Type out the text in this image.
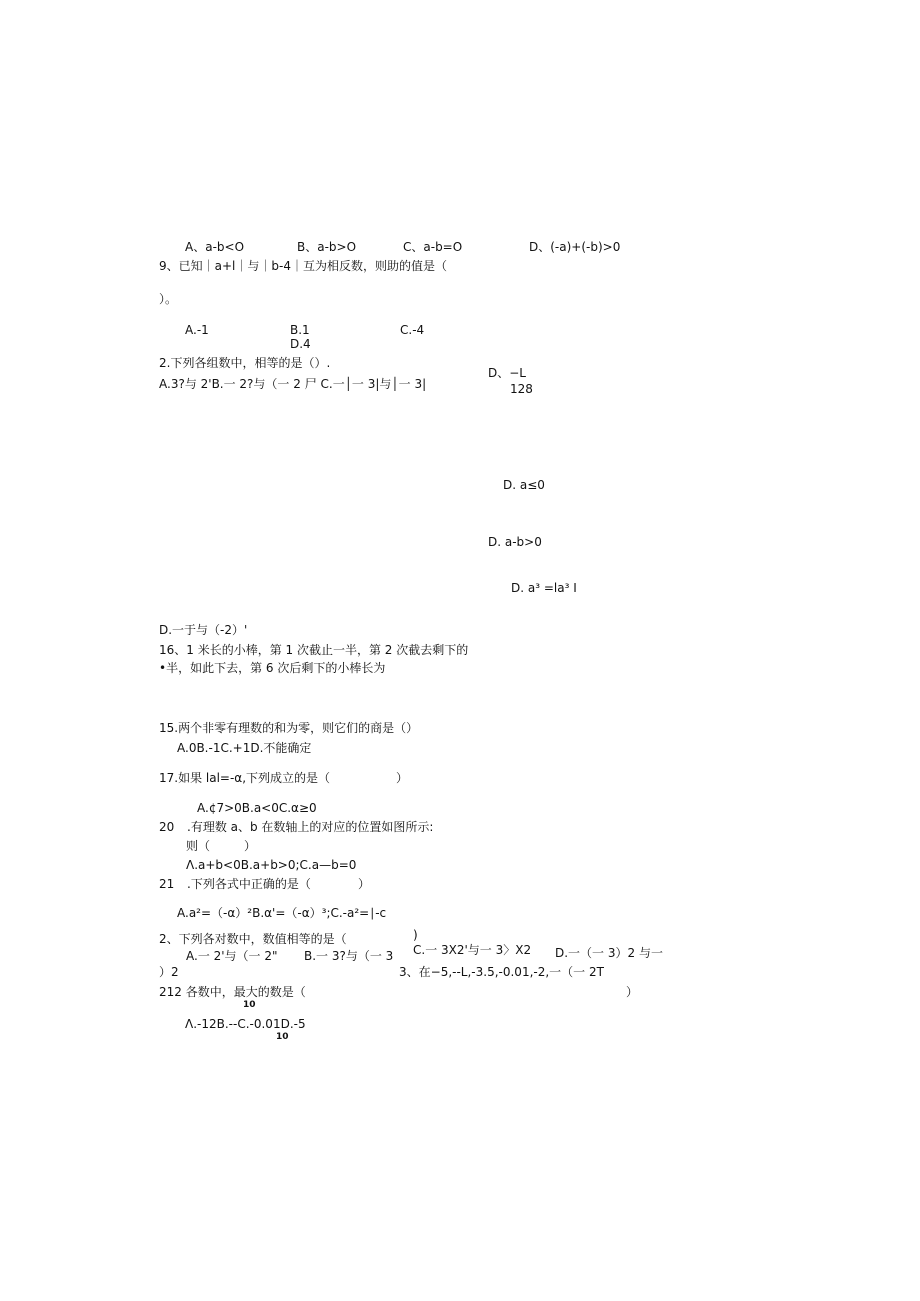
A、a-b<O	B、a-b>O	C、a-b=O	D、(-a)+(-b)>0
9、已知｜a+l｜与｜b-4｜互为相反数，则助的值是（
）。
A.-1	B.1	C.-4
D.4
2.下列各组数中，相等的是（）.
D、−L
A.3?与 2'B.一 2?与（一 2 尸 C.一│一 3|与│一 3|	128
D. a≤0
D. a-b>0
D. a³ =la³ I
D.一于与（-2）'
16、1 米长的小棒，第 1 次截止一半，第 2 次截去剩下的
•半，如此下去，第 6 次后剩下的小棒长为
15.两个非零有理数的和为零，则它们的商是（）
A.0B.-1C.+1D.不能确定
17.如果 lal=-α,下列成立的是（	）
A.¢7>0B.a<0C.α≥0
20 .有理数 a、b 在数轴上的对应的位置如图所示:
则（	）
Λ.a+b<0B.a+b>0;C.a—b=0
21 .下列各式中正确的是（	）
A.a²=（-α）²B.α'=（-α）³;C.-a²=∣-c
2、下列各对数中，数值相等的是（	)
C.一 3X2'与一 3〉X2
A.一 2'与（一 2" B.一 3?与（一 3	D.一（一 3）2 与一
）2	3、在−5,--L,-3.5,-0.01,-2,一（一 2T
212 各数中，最大的数是（	）
10
Λ.-12B.--C.-0.01D.-5
10
